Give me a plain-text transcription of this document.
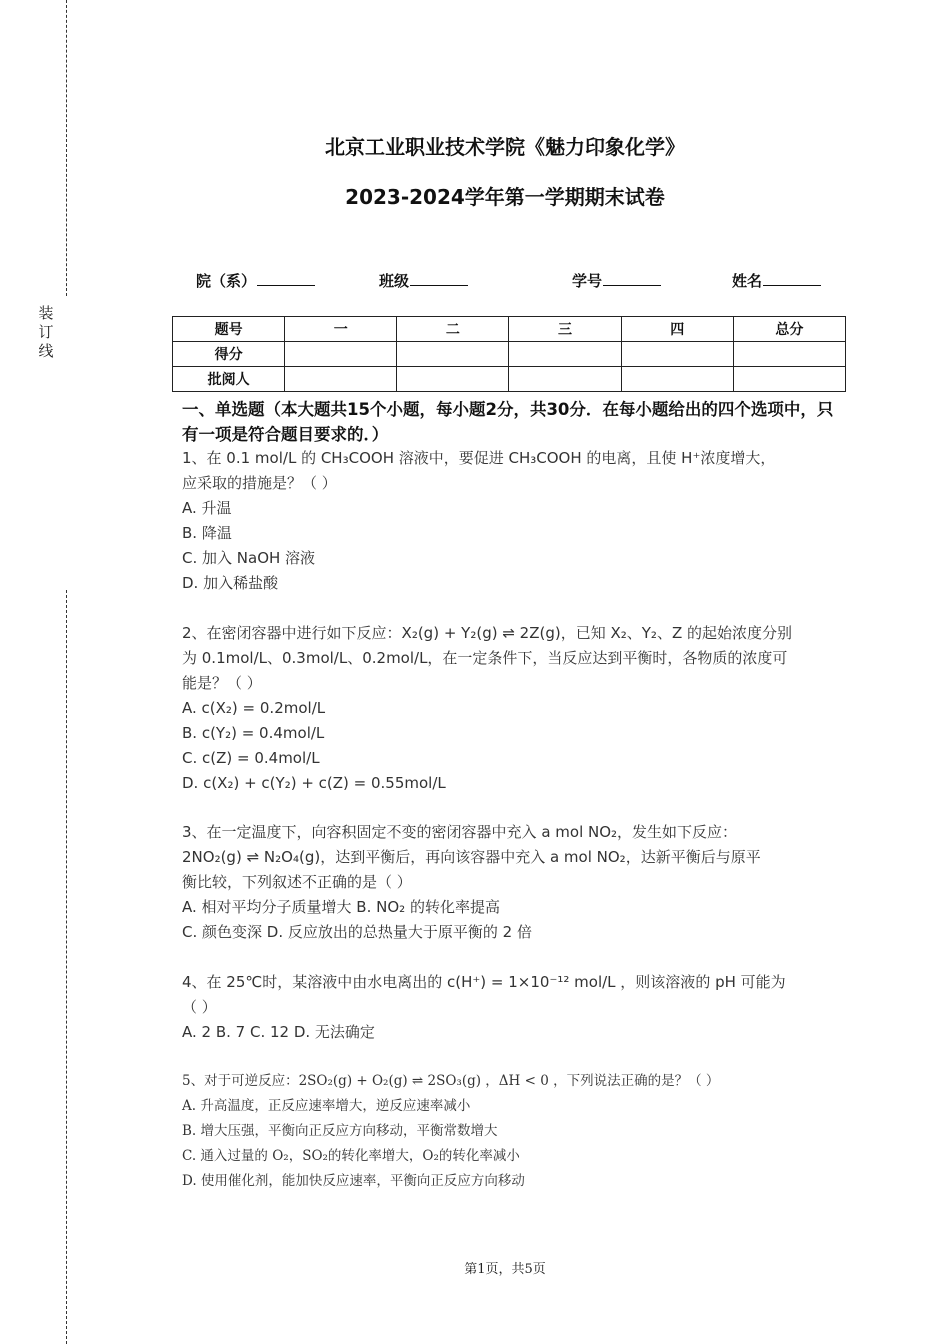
装
订
线
北京工业职业技术学院《魅力印象化学》
2023-2024学年第一学期期末试卷
院（系）	班级	学号	姓名
题号	一	二	三	四	总分
得分					
批阅人					
一、单选题（本大题共15个小题，每小题2分，共30分．在每小题给出的四个选项中，只有一项是符合题目要求的．）
1、在 0.1 mol/L 的 CH₃COOH 溶液中，要促进 CH₃COOH 的电离，且使 H⁺浓度增大，
应采取的措施是？（ ）
A. 升温
B. 降温
C. 加入 NaOH 溶液
D. 加入稀盐酸
2、在密闭容器中进行如下反应：X₂(g) + Y₂(g) ⇌ 2Z(g)，已知 X₂、Y₂、Z 的起始浓度分别
为 0.1mol/L、0.3mol/L、0.2mol/L，在一定条件下，当反应达到平衡时，各物质的浓度可
能是？（ ）
A. c(X₂) = 0.2mol/L
B. c(Y₂) = 0.4mol/L
C. c(Z) = 0.4mol/L
D. c(X₂) + c(Y₂) + c(Z) = 0.55mol/L
3、在一定温度下，向容积固定不变的密闭容器中充入 a mol NO₂，发生如下反应：
2NO₂(g) ⇌ N₂O₄(g)，达到平衡后，再向该容器中充入 a mol NO₂，达新平衡后与原平
衡比较，下列叙述不正确的是（ ）
A. 相对平均分子质量增大 B. NO₂ 的转化率提高
C. 颜色变深 D. 反应放出的总热量大于原平衡的 2 倍
4、在 25℃时，某溶液中由水电离出的 c(H⁺) = 1×10⁻¹² mol/L ，则该溶液的 pH 可能为
（ ）
A. 2 B. 7 C. 12 D. 无法确定
5、对于可逆反应：2SO₂(g) + O₂(g) ⇌ 2SO₃(g) ，ΔH < 0 ，下列说法正确的是？（ ）
A. 升高温度，正反应速率增大，逆反应速率减小
B. 增大压强，平衡向正反应方向移动，平衡常数增大
C. 通入过量的 O₂，SO₂的转化率增大，O₂的转化率减小
D. 使用催化剂，能加快反应速率，平衡向正反应方向移动
第1页，共5页
